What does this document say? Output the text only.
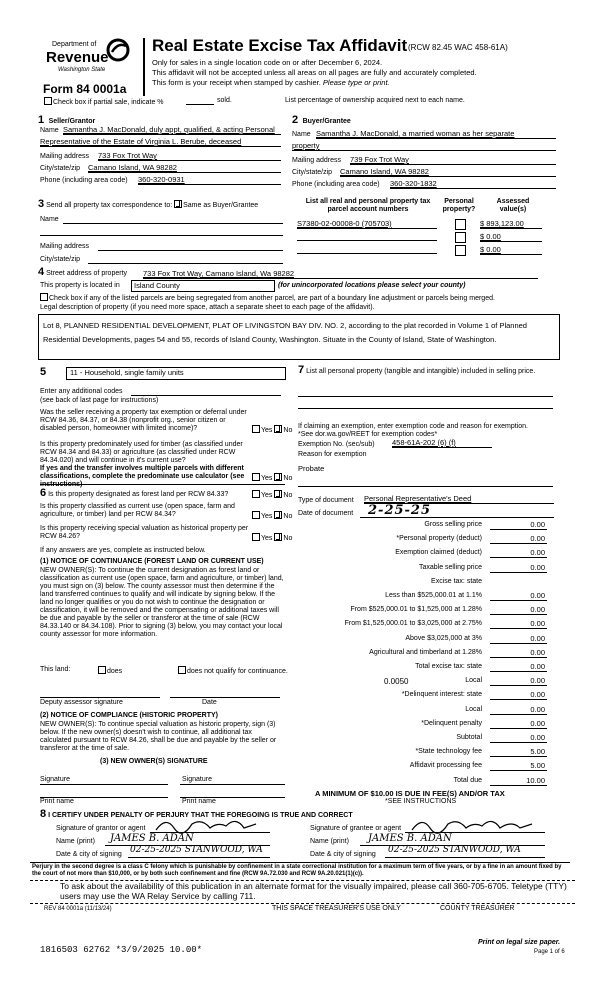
Department of
Revenue
Washington State
Form 84 0001a
Real Estate Excise Tax Affidavit (RCW 82.45 WAC 458-61A)
Only for sales in a single location code on or after December 6, 2024.
This affidavit will not be accepted unless all areas on all pages are fully and accurately completed.
This form is your receipt when stamped by cashier. Please type or print.
Check box if partial sale, indicate %	sold.	List percentage of ownership acquired next to each name.
1 Seller/Grantor
Name Samantha J. MacDonald, duly appt, qualified, & acting Personal
Representative of the Estate of Virginia L. Berube, deceased
Mailing address 733 Fox Trot Way
City/state/zip Camano Island, WA 98282
Phone (including area code) 360-320-0931
2 Buyer/Grantee
Name Samantha J. MacDonald, a married woman as her separate
property
Mailing address 739 Fox Trot Way
City/state/zip Camano Island, WA 98282
Phone (including area code) 360-320-1832
3 Send all property tax correspondence to: Same as Buyer/Grantee
Name
Mailing address
City/state/zip
List all real and personal property tax parcel account numbers
Personal property?
Assessed value(s)
S7380-02-00008-0 (705703)	$ 893,123.00
$ 0.00
$ 0.00
4 Street address of property 733 Fox Trot Way, Camano Island, Wa 98282
This property is located in	Island County	(for unincorporated locations please select your county)
Check box if any of the listed parcels are being segregated from another parcel, are part of a boundary line adjustment or parcels being merged.
Legal description of property (if you need more space, attach a separate sheet to each page of the affidavit).
Lot 8, PLANNED RESIDENTIAL DEVELOPMENT, PLAT OF LIVINGSTON BAY DIV. NO. 2, according to the plat recorded in Volume 1 of Planned
Residential Developments, pages 54 and 55, records of Island County, Washington. Situate in the County of Island, State of Washington.
5	11 - Household, single family units
Enter any additional codes
(see back of last page for instructions)
Was the seller receiving a property tax exemption or deferral under RCW 84.36, 84.37, or 84.38 (nonprofit org., senior citizen or disabled person, homeowner with limited income)?	Yes No
Is this property predominately used for timber (as classified under RCW 84.34 and 84.33) or agriculture (as classified under RCW 84.34.020) and will continue in it's current use?
If yes and the transfer involves multiple parcels with different classifications, complete the predominate use calculator (see instructions)
Yes No
6 Is this property designated as forest land per RCW 84.33?	Yes No
Is this property classified as current use (open space, farm and agriculture, or timber) land per RCW 84.34?	Yes No
Is this property receiving special valuation as historical property per RCW 84.26?	Yes No
If any answers are yes, complete as instructed below.
(1) NOTICE OF CONTINUANCE (FOREST LAND OR CURRENT USE)
NEW OWNER(S): To continue the current designation as forest land or classification as current use (open space, farm and agriculture, or timber) land, you must sign on (3) below. The county assessor must then determine if the land transferred continues to qualify and will indicate by signing below. If the land no longer qualifies or you do not wish to continue the designation or classification, it will be removed and the compensating or additional taxes will be due and payable by the seller or transferor at the time of sale (RCW 84.33.140 or 84.34.108). Prior to signing (3) below, you may contact your local county assessor for more information.
This land:	does	does not qualify for continuance.
Deputy assessor signature	Date
(2) NOTICE OF COMPLIANCE (HISTORIC PROPERTY)
NEW OWNER(S): To continue special valuation as historic property, sign (3) below. If the new owner(s) doesn't wish to continue, all additional tax calculated pursuant to RCW 84.26, shall be due and payable by the seller or transferor at the time of sale.
(3) NEW OWNER(S) SIGNATURE
Signature	Signature
Print name	Print name
7 List all personal property (tangible and intangible) included in selling price.
If claiming an exemption, enter exemption code and reason for exemption. *See dor.wa.gov/REET for exemption codes*
Exemption No. (sec/sub) 458-61A-202 (6) (f)
Reason for exemption
Probate
Type of document Personal Representative's Deed
Date of document 2-25-25
Gross selling price	0.00
*Personal property (deduct)	0.00
Exemption claimed (deduct)	0.00
Taxable selling price	0.00
Excise tax: state
Less than $525,000.01 at 1.1%	0.00
From $525,000.01 to $1,525,000 at 1.28%	0.00
From $1,525,000.01 to $3,025,000 at 2.75%	0.00
Above $3,025,000 at 3%	0.00
Agricultural and timberland at 1.28%	0.00
Total excise tax: state	0.00
Local	0.00
*Delinquent interest: state	0.00
Local	0.00
*Delinquent penalty	0.00
Subtotal	0.00
*State technology fee	5.00
Affidavit processing fee	5.00
Total due	10.00
0.0050
A MINIMUM OF $10.00 IS DUE IN FEE(S) AND/OR TAX
*SEE INSTRUCTIONS
8 I CERTIFY UNDER PENALTY OF PERJURY THAT THE FOREGOING IS TRUE AND CORRECT
Signature of grantor or agent
Name (print) JAMES B. ADAN
Date & city of signing 02-25-2025 STANWOOD, WA
Signature of grantee or agent
Name (print) JAMES B. ADAN
Date & city of signing 02-25-2025 STANWOOD, WA
Perjury in the second degree is a class C felony which is punishable by confinement in a state correctional institution for a maximum term of five years, or by a fine in an amount fixed by the court of not more than $10,000, or by both such confinement and fine (RCW 9A.72.030 and RCW 9A.20.021(1)(c)).
To ask about the availability of this publication in an alternate format for the visually impaired, please call 360-705-6705. Teletype (TTY) users may use the WA Relay Service by calling 711.
REV 84 0001a (11/13/24)	THIS SPACE TREASURER'S USE ONLY	COUNTY TREASURER
Print on legal size paper.
Page 1 of 6
1816503 62762 *3/9/2025 10.00*
